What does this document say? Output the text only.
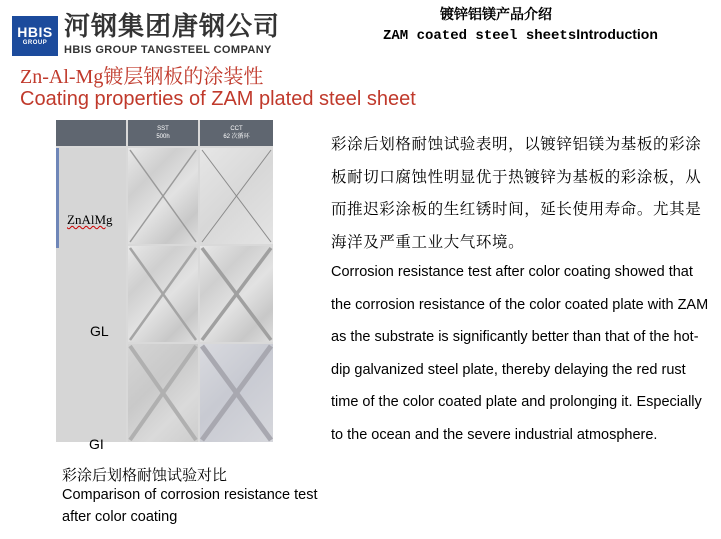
HBIS
GROUP
河钢集团唐钢公司
HBIS GROUP TANGSTEEL COMPANY
镀锌铝镁产品介绍
ZAM coated steel sheetsIntroduction
Zn-Al-Mg镀层钢板的涂装性
Coating properties of ZAM plated steel sheet
SST
500h
CCT
62 次循环
ZnAlMg
GL
GI
彩涂后划格耐蚀试验对比
Comparison of corrosion resistance test after color coating
彩涂后划格耐蚀试验表明，以镀锌铝镁为基板的彩涂板耐切口腐蚀性明显优于热镀锌为基板的彩涂板，从而推迟彩涂板的生红锈时间，延长使用寿命。尤其是海洋及严重工业大气环境。
Corrosion resistance test after color coating showed that the corrosion resistance of the color coated plate with ZAM as the substrate is significantly better than that of the hot-dip galvanized steel plate, thereby delaying the red rust time of the color coated plate and prolonging it. Especially to the ocean and the severe industrial atmosphere.
